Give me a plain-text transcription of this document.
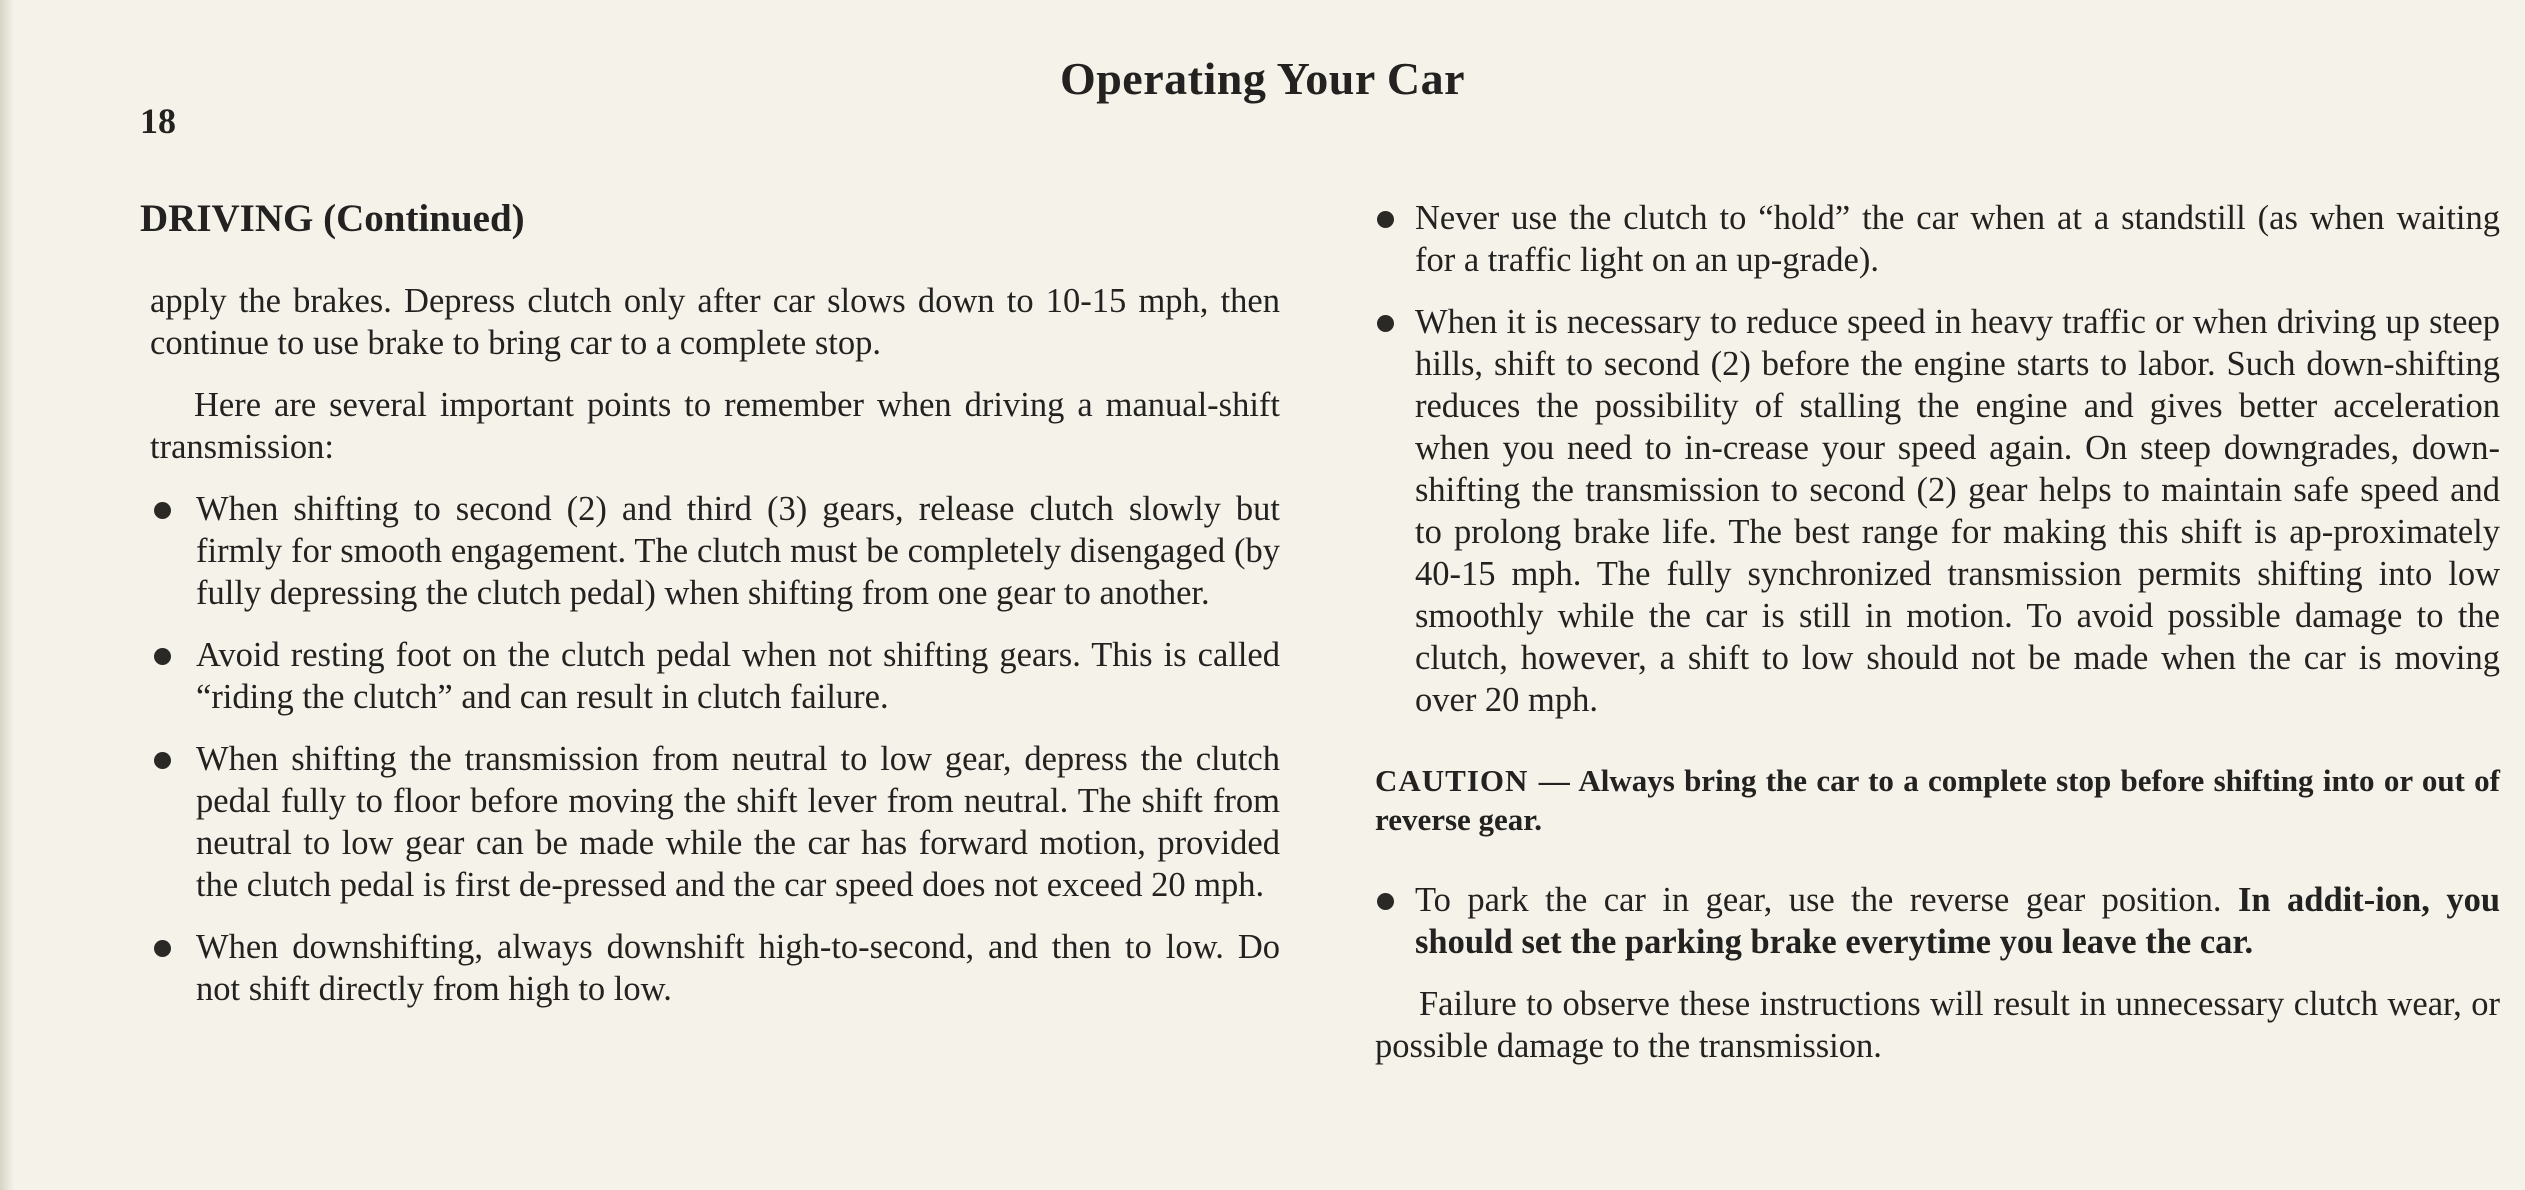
Operating Your Car
18
DRIVING (Continued)

apply the brakes. Depress clutch only after car slows down to 10-15 mph, then continue to use brake to bring car to a complete stop.

Here are several important points to remember when driving a manual-shift transmission:

When shifting to second (2) and third (3) gears, release clutch slowly but firmly for smooth engagement. The clutch must be completely disengaged (by fully depressing the clutch pedal) when shifting from one gear to another.
Avoid resting foot on the clutch pedal when not shifting gears. This is called “riding the clutch” and can result in clutch failure.
When shifting the transmission from neutral to low gear, depress the clutch pedal fully to floor before moving the shift lever from neutral. The shift from neutral to low gear can be made while the car has forward motion, provided the clutch pedal is first de-pressed and the car speed does not exceed 20 mph.
When downshifting, always downshift high-to-second, and then to low. Do not shift directly from high to low.
Never use the clutch to “hold” the car when at a standstill (as when waiting for a traffic light on an up-grade).
When it is necessary to reduce speed in heavy traffic or when driving up steep hills, shift to second (2) before the engine starts to labor. Such down-shifting reduces the possibility of stalling the engine and gives better acceleration when you need to in-crease your speed again. On steep downgrades, down-shifting the transmission to second (2) gear helps to maintain safe speed and to prolong brake life. The best range for making this shift is ap-proximately 40-15 mph. The fully synchronized transmission permits shifting into low smoothly while the car is still in motion. To avoid possible damage to the clutch, however, a shift to low should not be made when the car is moving over 20 mph.
CAUTION — Always bring the car to a complete stop before shifting into or out of reverse gear.
To park the car in gear, use the reverse gear position. In addit-ion, you should set the parking brake everytime you leave the car.

Failure to observe these instructions will result in unnecessary clutch wear, or possible damage to the transmission.
